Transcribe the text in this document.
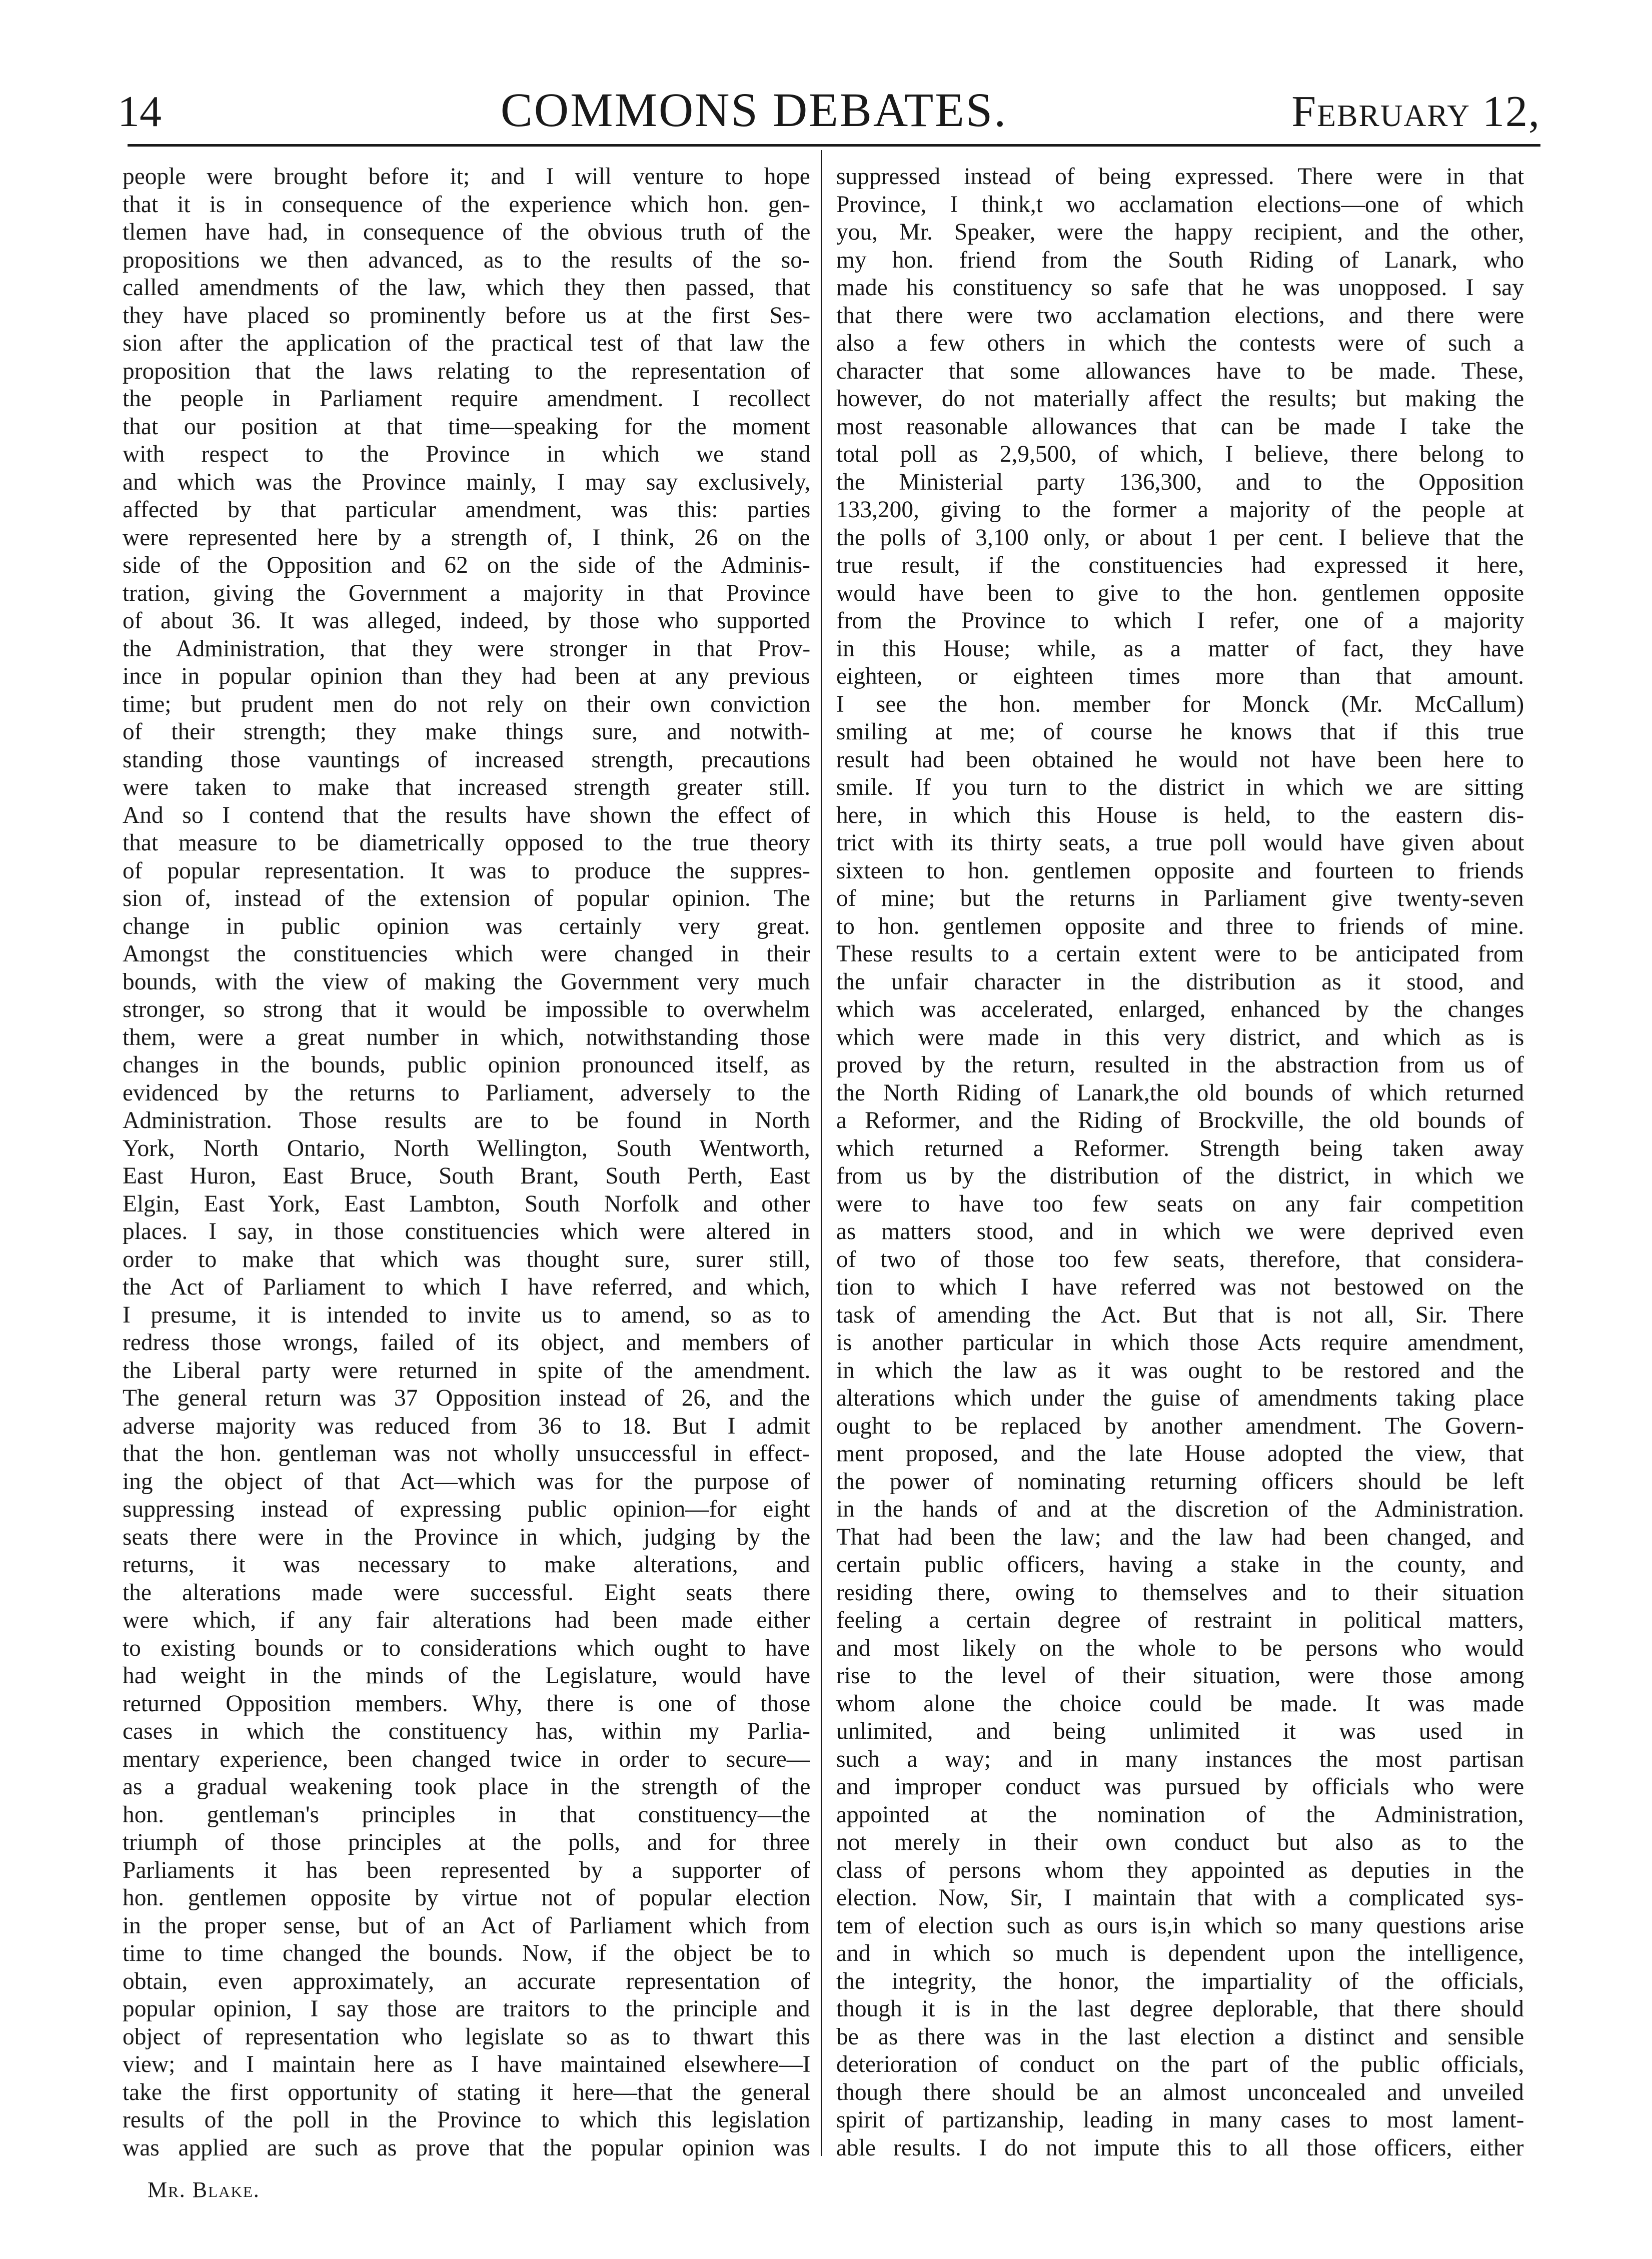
14	COMMONS DEBATES.	February 12,
people were brought before it; and I will venture to hope
that it is in consequence of the experience which hon. gen-
tlemen have had, in consequence of the obvious truth of the
propositions we then advanced, as to the results of the so-
called amendments of the law, which they then passed, that
they have placed so prominently before us at the first Ses-
sion after the application of the practical test of that law the
proposition that the laws relating to the representation of
the people in Parliament require amendment. I recollect
that our position at that time—speaking for the moment
with respect to the Province in which we stand
and which was the Province mainly, I may say exclusively,
affected by that particular amendment, was this: parties
were represented here by a strength of, I think, 26 on the
side of the Opposition and 62 on the side of the Adminis-
tration, giving the Government a majority in that Province
of about 36. It was alleged, indeed, by those who supported
the Administration, that they were stronger in that Prov-
ince in popular opinion than they had been at any previous
time; but prudent men do not rely on their own conviction
of their strength; they make things sure, and notwith-
standing those vauntings of increased strength, precautions
were taken to make that increased strength greater still.
And so I contend that the results have shown the effect of
that measure to be diametrically opposed to the true theory
of popular representation. It was to produce the suppres-
sion of, instead of the extension of popular opinion. The
change in public opinion was certainly very great.
Amongst the constituencies which were changed in their
bounds, with the view of making the Government very much
stronger, so strong that it would be impossible to overwhelm
them, were a great number in which, notwithstanding those
changes in the bounds, public opinion pronounced itself, as
evidenced by the returns to Parliament, adversely to the
Administration. Those results are to be found in North
York, North Ontario, North Wellington, South Wentworth,
East Huron, East Bruce, South Brant, South Perth, East
Elgin, East York, East Lambton, South Norfolk and other
places. I say, in those constituencies which were altered in
order to make that which was thought sure, surer still,
the Act of Parliament to which I have referred, and which,
I presume, it is intended to invite us to amend, so as to
redress those wrongs, failed of its object, and members of
the Liberal party were returned in spite of the amendment.
The general return was 37 Opposition instead of 26, and the
adverse majority was reduced from 36 to 18. But I admit
that the hon. gentleman was not wholly unsuccessful in effect-
ing the object of that Act—which was for the purpose of
suppressing instead of expressing public opinion—for eight
seats there were in the Province in which, judging by the
returns, it was necessary to make alterations, and
the alterations made were successful. Eight seats there
were which, if any fair alterations had been made either
to existing bounds or to considerations which ought to have
had weight in the minds of the Legislature, would have
returned Opposition members. Why, there is one of those
cases in which the constituency has, within my Parlia-
mentary experience, been changed twice in order to secure—
as a gradual weakening took place in the strength of the
hon. gentleman's principles in that constituency—the
triumph of those principles at the polls, and for three
Parliaments it has been represented by a supporter of
hon. gentlemen opposite by virtue not of popular election
in the proper sense, but of an Act of Parliament which from
time to time changed the bounds. Now, if the object be to
obtain, even approximately, an accurate representation of
popular opinion, I say those are traitors to the principle and
object of representation who legislate so as to thwart this
view; and I maintain here as I have maintained elsewhere—I
take the first opportunity of stating it here—that the general
results of the poll in the Province to which this legislation
was applied are such as prove that the popular opinion was
suppressed instead of being expressed. There were in that
Province, I think,t wo acclamation elections—one of which
you, Mr. Speaker, were the happy recipient, and the other,
my hon. friend from the South Riding of Lanark, who
made his constituency so safe that he was unopposed. I say
that there were two acclamation elections, and there were
also a few others in which the contests were of such a
character that some allowances have to be made. These,
however, do not materially affect the results; but making the
most reasonable allowances that can be made I take the
total poll as 2,9,500, of which, I believe, there belong to
the Ministerial party 136,300, and to the Opposition
133,200, giving to the former a majority of the people at
the polls of 3,100 only, or about 1 per cent. I believe that the
true result, if the constituencies had expressed it here,
would have been to give to the hon. gentlemen opposite
from the Province to which I refer, one of a majority
in this House; while, as a matter of fact, they have
eighteen, or eighteen times more than that amount.
I see the hon. member for Monck (Mr. McCallum)
smiling at me; of course he knows that if this true
result had been obtained he would not have been here to
smile. If you turn to the district in which we are sitting
here, in which this House is held, to the eastern dis-
trict with its thirty seats, a true poll would have given about
sixteen to hon. gentlemen opposite and fourteen to friends
of mine; but the returns in Parliament give twenty-seven
to hon. gentlemen opposite and three to friends of mine.
These results to a certain extent were to be anticipated from
the unfair character in the distribution as it stood, and
which was accelerated, enlarged, enhanced by the changes
which were made in this very district, and which as is
proved by the return, resulted in the abstraction from us of
the North Riding of Lanark,the old bounds of which returned
a Reformer, and the Riding of Brockville, the old bounds of
which returned a Reformer. Strength being taken away
from us by the distribution of the district, in which we
were to have too few seats on any fair competition
as matters stood, and in which we were deprived even
of two of those too few seats, therefore, that considera-
tion to which I have referred was not bestowed on the
task of amending the Act. But that is not all, Sir. There
is another particular in which those Acts require amendment,
in which the law as it was ought to be restored and the
alterations which under the guise of amendments taking place
ought to be replaced by another amendment. The Govern-
ment proposed, and the late House adopted the view, that
the power of nominating returning officers should be left
in the hands of and at the discretion of the Administration.
That had been the law; and the law had been changed, and
certain public officers, having a stake in the county, and
residing there, owing to themselves and to their situation
feeling a certain degree of restraint in political matters,
and most likely on the whole to be persons who would
rise to the level of their situation, were those among
whom alone the choice could be made. It was made
unlimited, and being unlimited it was used in
such a way; and in many instances the most partisan
and improper conduct was pursued by officials who were
appointed at the nomination of the Administration,
not merely in their own conduct but also as to the
class of persons whom they appointed as deputies in the
election. Now, Sir, I maintain that with a complicated sys-
tem of election such as ours is,in which so many questions arise
and in which so much is dependent upon the intelligence,
the integrity, the honor, the impartiality of the officials,
though it is in the last degree deplorable, that there should
be as there was in the last election a distinct and sensible
deterioration of conduct on the part of the public officials,
though there should be an almost unconcealed and unveiled
spirit of partizanship, leading in many cases to most lament-
able results. I do not impute this to all those officers, either
Mr. Blake.
